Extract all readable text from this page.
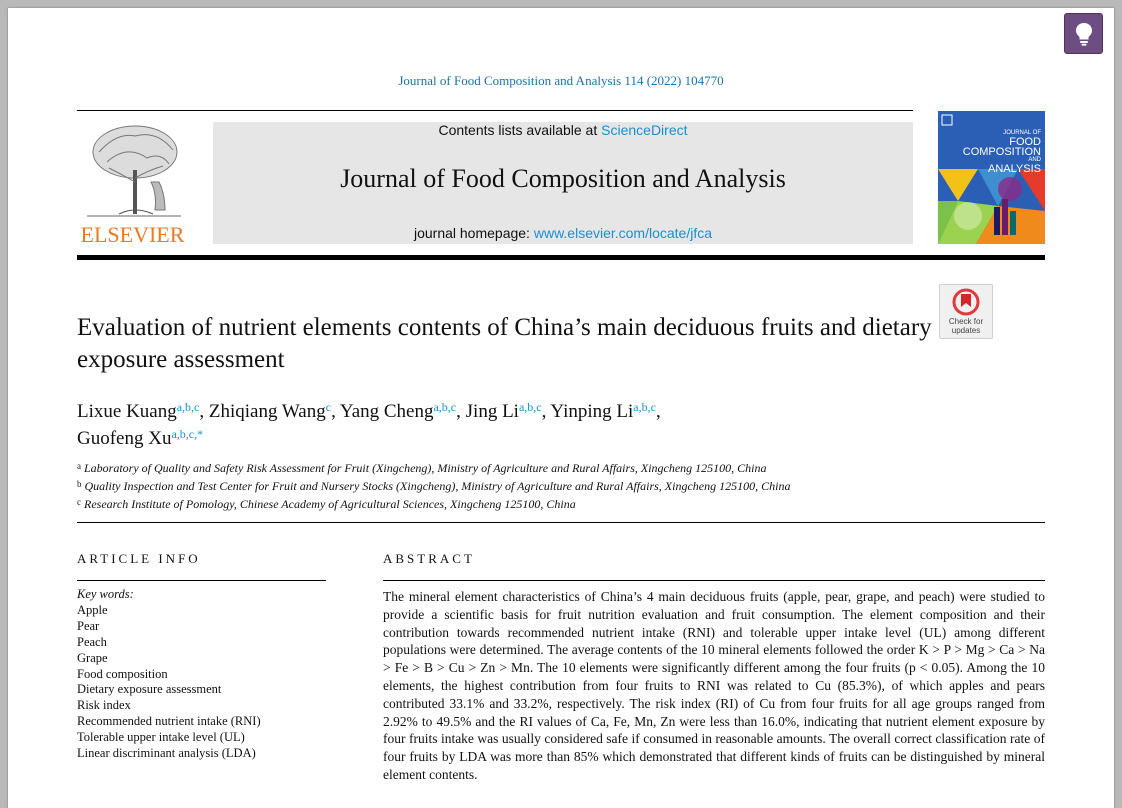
Journal of Food Composition and Analysis 114 (2022) 104770
ELSEVIER
Contents lists available at ScienceDirect
Journal of Food Composition and Analysis
journal homepage: www.elsevier.com/locate/jfca
JOURNAL OF
FOOD
COMPOSITION
AND
ANALYSIS
Check for
updates
Evaluation of nutrient elements contents of China’s main deciduous fruits and dietary exposure assessment
Lixue Kuang$^{a,b,c}$, Zhiqiang Wang$^c$, Yang Cheng$^{a,b,c}$, Jing Li$^{a,b,c}$, Yinping Li$^{a,b,c}$,
Guofeng $Xu^{a,b,c,*}$
$^a$ Laboratory of Quality and Safety Risk Assessment for Fruit (Xingcheng), Ministry of Agriculture and Rural Affairs, Xingcheng 125100, China
$^b$ Quality Inspection and Test Center for Fruit and Nursery Stocks (Xingcheng), Ministry of Agriculture and Rural Affairs, Xingcheng 125100, China
$^c$ Research Institute of Pomology, Chinese Academy of Agricultural Sciences, Xingcheng 125100, China
ARTICLE INFO	ABSTRACT
Key words:
Apple
Pear
Peach
Grape
Food composition
Dietary exposure assessment
Risk index
Recommended nutrient intake (RNI)
Tolerable upper intake level (UL)
Linear discriminant analysis (LDA)
The mineral element characteristics of China’s 4 main deciduous fruits (apple, pear, grape, and peach) were studied to provide a scientific basis for fruit nutrition evaluation and fruit consumption. The element composition and their contribution towards recommended nutrient intake (RNI) and tolerable upper intake level (UL) among different populations were determined. The average contents of the 10 mineral elements followed the order K > P > Mg > Ca > Na > Fe > B > Cu > Zn > Mn. The 10 elements were significantly different among the four fruits (p < 0.05). Among the 10 elements, the highest contribution from four fruits to RNI was related to Cu (85.3%), of which apples and pears contributed 33.1% and 33.2%, respectively. The risk index (RI) of Cu from four fruits for all age groups ranged from 2.92% to 49.5% and the RI values of Ca, Fe, Mn, Zn were less than 16.0%, indicating that nutrient element exposure by four fruits intake was usually considered safe if consumed in reasonable amounts. The overall correct classification rate of four fruits by LDA was more than 85% which demonstrated that different kinds of fruits can be distinguished by mineral element contents.
